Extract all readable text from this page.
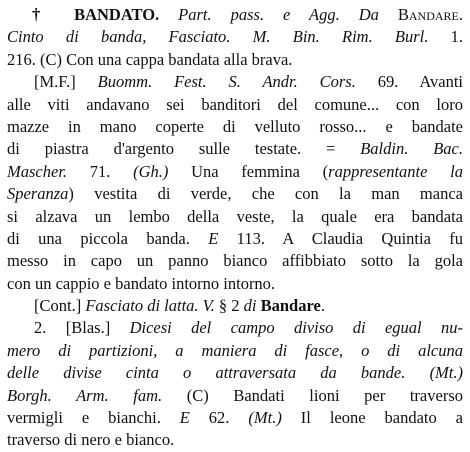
† BANDATO. Part. pass. e Agg. Da Bandare.
Cinto di banda, Fasciato. M. Bin. Rim. Burl. 1.
216. (C) Con una cappa bandata alla brava.
[M.F.] Buomm. Fest. S. Andr. Cors. 69. Avanti
alle viti andavano sei banditori del comune... con loro
mazze in mano coperte di velluto rosso... e bandate
di piastra d'argento sulle testate. = Baldin. Bac.
Mascher. 71. (Gh.) Una femmina (rappresentante la
Speranza) vestita di verde, che con la man manca
si alzava un lembo della veste, la quale era bandata
di una piccola banda. E 113. A Claudia Quintia fu
messo in capo un panno bianco affibbiato sotto la gola
con un cappio e bandato intorno intorno.
[Cont.] Fasciato di latta. V. § 2 di Bandare.
2. [Blas.] Dicesi del campo diviso di egual nu-
mero di partizioni, a maniera di fasce, o di alcuna
delle divise cinta o attraversata da bande. (Mt.)
Borgh. Arm. fam. (C) Bandati lioni per traverso
vermigli e bianchi. E 62. (Mt.) Il leone bandato a
traverso di nero e bianco.
